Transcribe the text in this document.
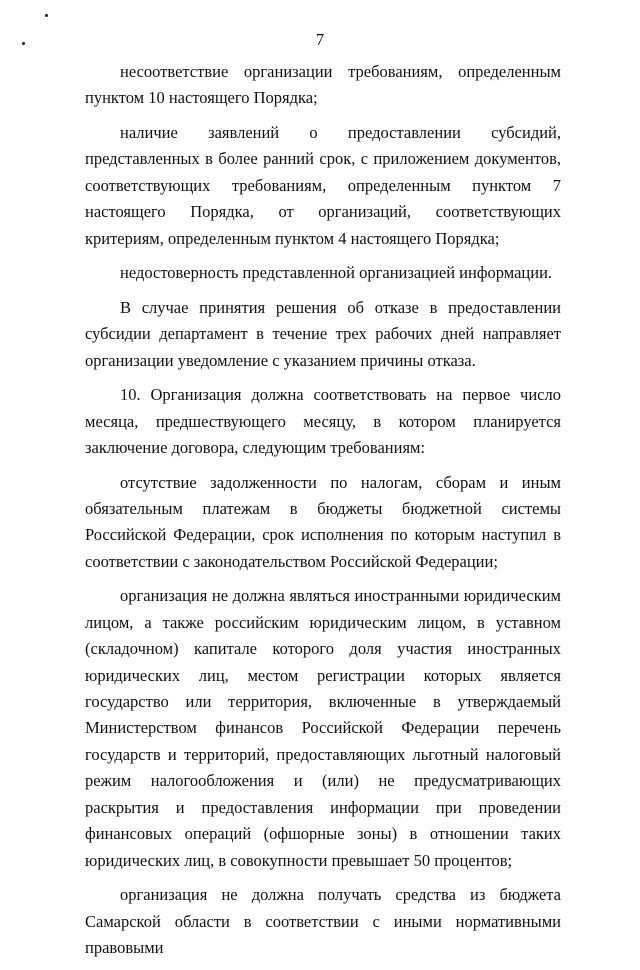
7

несоответствие организации требованиям, определенным пунктом 10 настоящего Порядка;

наличие заявлений о предоставлении субсидий, представленных в более ранний срок, с приложением документов, соответствующих требованиям, определенным пунктом 7 настоящего Порядка, от организаций, соответствующих критериям, определенным пунктом 4 настоящего Порядка;

недостоверность представленной организацией информации.

В случае принятия решения об отказе в предоставлении субсидии департамент в течение трех рабочих дней направляет организации уведомление с указанием причины отказа.

10. Организация должна соответствовать на первое число месяца, предшествующего месяцу, в котором планируется заключение договора, следующим требованиям:

отсутствие задолженности по налогам, сборам и иным обязательным платежам в бюджеты бюджетной системы Российской Федерации, срок исполнения по которым наступил в соответствии с законодательством Российской Федерации;

организация не должна являться иностранными юридическим лицом, а также российским юридическим лицом, в уставном (складочном) капитале которого доля участия иностранных юридических лиц, местом регистрации которых является государство или территория, включенные в утверждаемый Министерством финансов Российской Федерации перечень государств и территорий, предоставляющих льготный налоговый режим налогообложения и (или) не предусматривающих раскрытия и предоставления информации при проведении финансовых операций (офшорные зоны) в отношении таких юридических лиц, в совокупности превышает 50 процентов;

организация не должна получать средства из бюджета Самарской области в соответствии с иными нормативными правовыми
